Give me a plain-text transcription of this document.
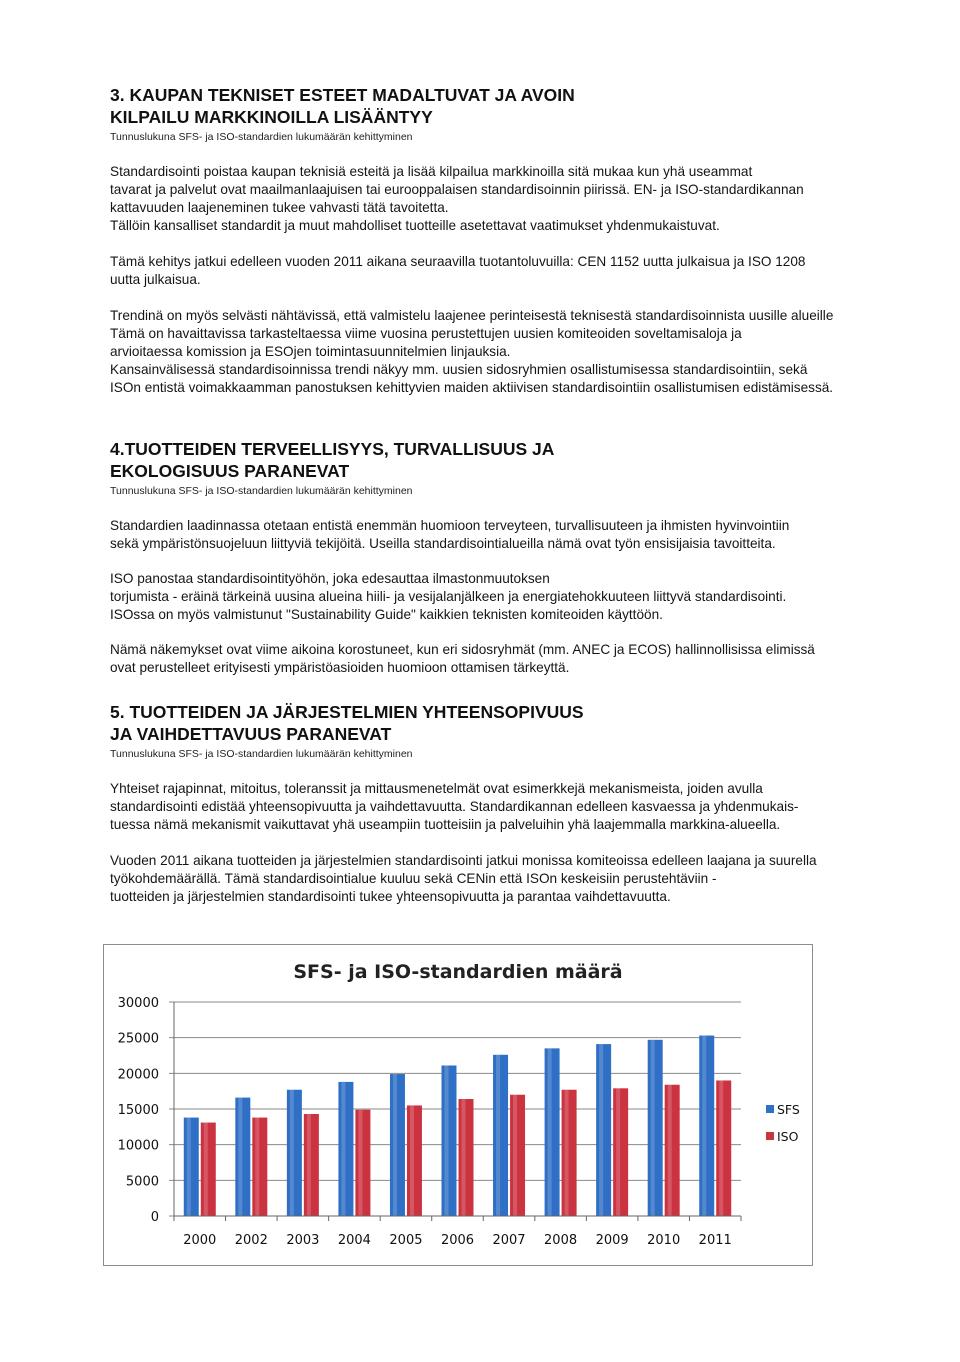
3. KAUPAN TEKNISET ESTEET MADALTUVAT JA AVOIN
KILPAILU MARKKINOILLA LISÄÄNTYY
Tunnuslukuna SFS- ja ISO-standardien lukumäärän kehittyminen
Standardisointi poistaa kaupan teknisiä esteitä ja lisää kilpailua markkinoilla sitä mukaa kun yhä useammat
tavarat ja palvelut ovat maailmanlaajuisen tai eurooppalaisen standardisoinnin piirissä. EN- ja ISO-standardikannan
kattavuuden laajeneminen tukee vahvasti tätä tavoitetta.
Tällöin kansalliset standardit ja muut mahdolliset tuotteille asetettavat vaatimukset yhdenmukaistuvat.
Tämä kehitys jatkui edelleen vuoden 2011 aikana seuraavilla tuotantoluvuilla: CEN 1152 uutta julkaisua ja ISO 1208
uutta julkaisua.
Trendinä on myös selvästi nähtävissä, että valmistelu laajenee perinteisestä teknisestä standardisoinnista uusille alueille
Tämä on havaittavissa tarkasteltaessa viime vuosina perustettujen uusien komiteoiden soveltamisaloja ja
arvioitaessa komission ja ESOjen toimintasuunnitelmien linjauksia.
Kansainvälisessä standardisoinnissa trendi näkyy mm. uusien sidosryhmien osallistumisessa standardisointiin, sekä
ISOn entistä voimakkaamman panostuksen kehittyvien maiden aktiivisen standardisointiin osallistumisen edistämisessä.
4.TUOTTEIDEN TERVEELLISYYS, TURVALLISUUS JA
EKOLOGISUUS PARANEVAT
Tunnuslukuna SFS- ja ISO-standardien lukumäärän kehittyminen
Standardien laadinnassa otetaan entistä enemmän huomioon terveyteen, turvallisuuteen ja ihmisten hyvinvointiin
sekä ympäristönsuojeluun liittyviä tekijöitä. Useilla standardisointialueilla nämä ovat työn ensisijaisia tavoitteita.
ISO panostaa standardisointityöhön, joka edesauttaa ilmastonmuutoksen
torjumista - eräinä tärkeinä uusina alueina hiili- ja vesijalanjälkeen ja energiatehokkuuteen liittyvä standardisointi.
ISOssa on myös valmistunut "Sustainability Guide" kaikkien teknisten komiteoiden käyttöön.
Nämä näkemykset ovat viime aikoina korostuneet, kun eri sidosryhmät (mm. ANEC ja ECOS) hallinnollisissa elimissä
ovat perustelleet erityisesti ympäristöasioiden huomioon ottamisen tärkeyttä.
5. TUOTTEIDEN JA JÄRJESTELMIEN YHTEENSOPIVUUS
JA VAIHDETTAVUUS PARANEVAT
Tunnuslukuna SFS- ja ISO-standardien lukumäärän kehittyminen
Yhteiset rajapinnat, mitoitus, toleranssit ja mittausmenetelmät ovat esimerkkejä mekanismeista, joiden avulla
standardisointi edistää yhteensopivuutta ja vaihdettavuutta. Standardikannan edelleen kasvaessa ja yhdenmukais-
tuessa nämä mekanismit vaikuttavat yhä useampiin tuotteisiin ja palveluihin yhä laajemmalla markkina-alueella.
Vuoden 2011 aikana tuotteiden ja järjestelmien standardisointi jatkui monissa komiteoissa edelleen laajana ja suurella
työkohdemäärällä. Tämä standardisointialue kuuluu sekä CENin että ISOn keskeisiin perustehtäviin -
tuotteiden ja järjestelmien standardisointi tukee yhteensopivuutta ja parantaa vaihdettavuutta.
SFS- ja ISO-standardien määrä
30000
25000
20000
15000
10000
5000
0
2000 2002 2003 2004 2005 2006 2007 2008 2009 2010 2011
SFS
ISO
